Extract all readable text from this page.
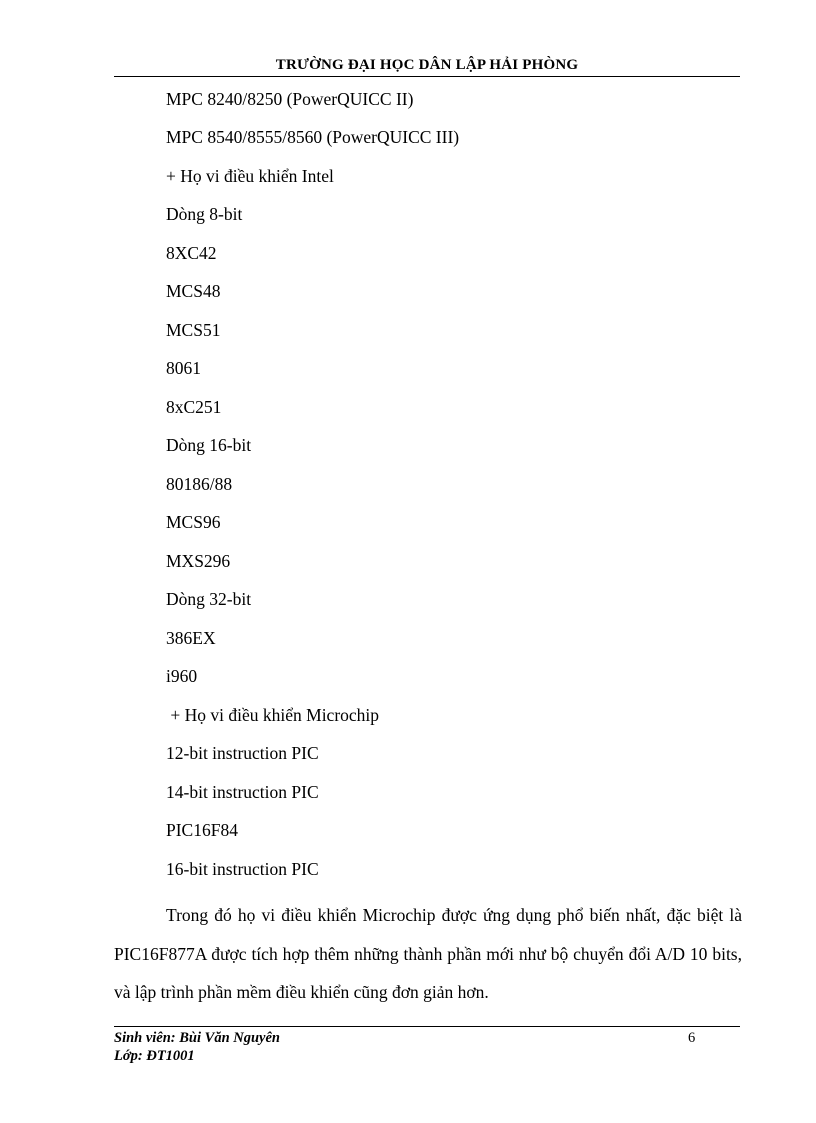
TRƯỜNG ĐẠI HỌC DÂN LẬP HẢI PHÒNG
MPC 8240/8250 (PowerQUICC II)
MPC 8540/8555/8560 (PowerQUICC III)
+ Họ vi điều khiển Intel
Dòng 8-bit
8XC42
MCS48
MCS51
8061
8xC251
Dòng 16-bit
80186/88
MCS96
MXS296
Dòng 32-bit
386EX
i960
+ Họ vi điều khiển Microchip
12-bit instruction PIC
14-bit instruction PIC
PIC16F84
16-bit instruction PIC
Trong đó họ vi điều khiển Microchip được ứng dụng phổ biến nhất, đặc biệt là PIC16F877A được tích hợp thêm những thành phần mới như bộ chuyển đổi A/D 10 bits, và lập trình phần mềm điều khiển cũng đơn giản hơn.
Sinh viên: Bùi Văn Nguyên
Lớp: ĐT1001
6
